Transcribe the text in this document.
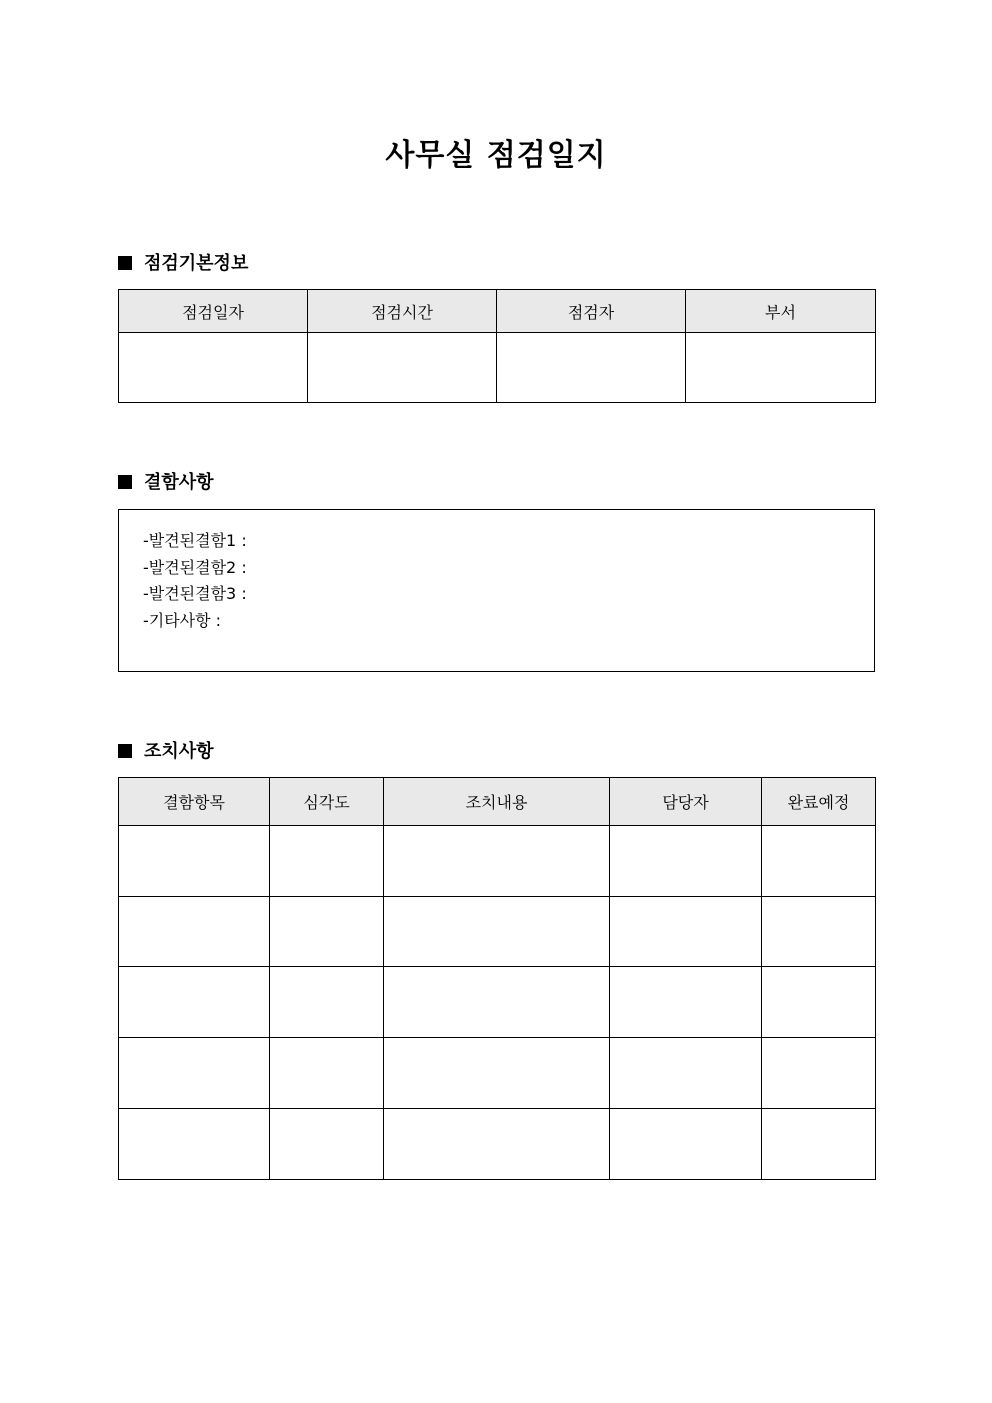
사무실 점검일지
점검기본정보
점검일자	점검시간	점검자	부서

결함사항
-발견된결함1 :
-발견된결함2 :
-발견된결함3 :
-기타사항 :
조치사항
결함항목	심각도	조치내용	담당자	완료예정
